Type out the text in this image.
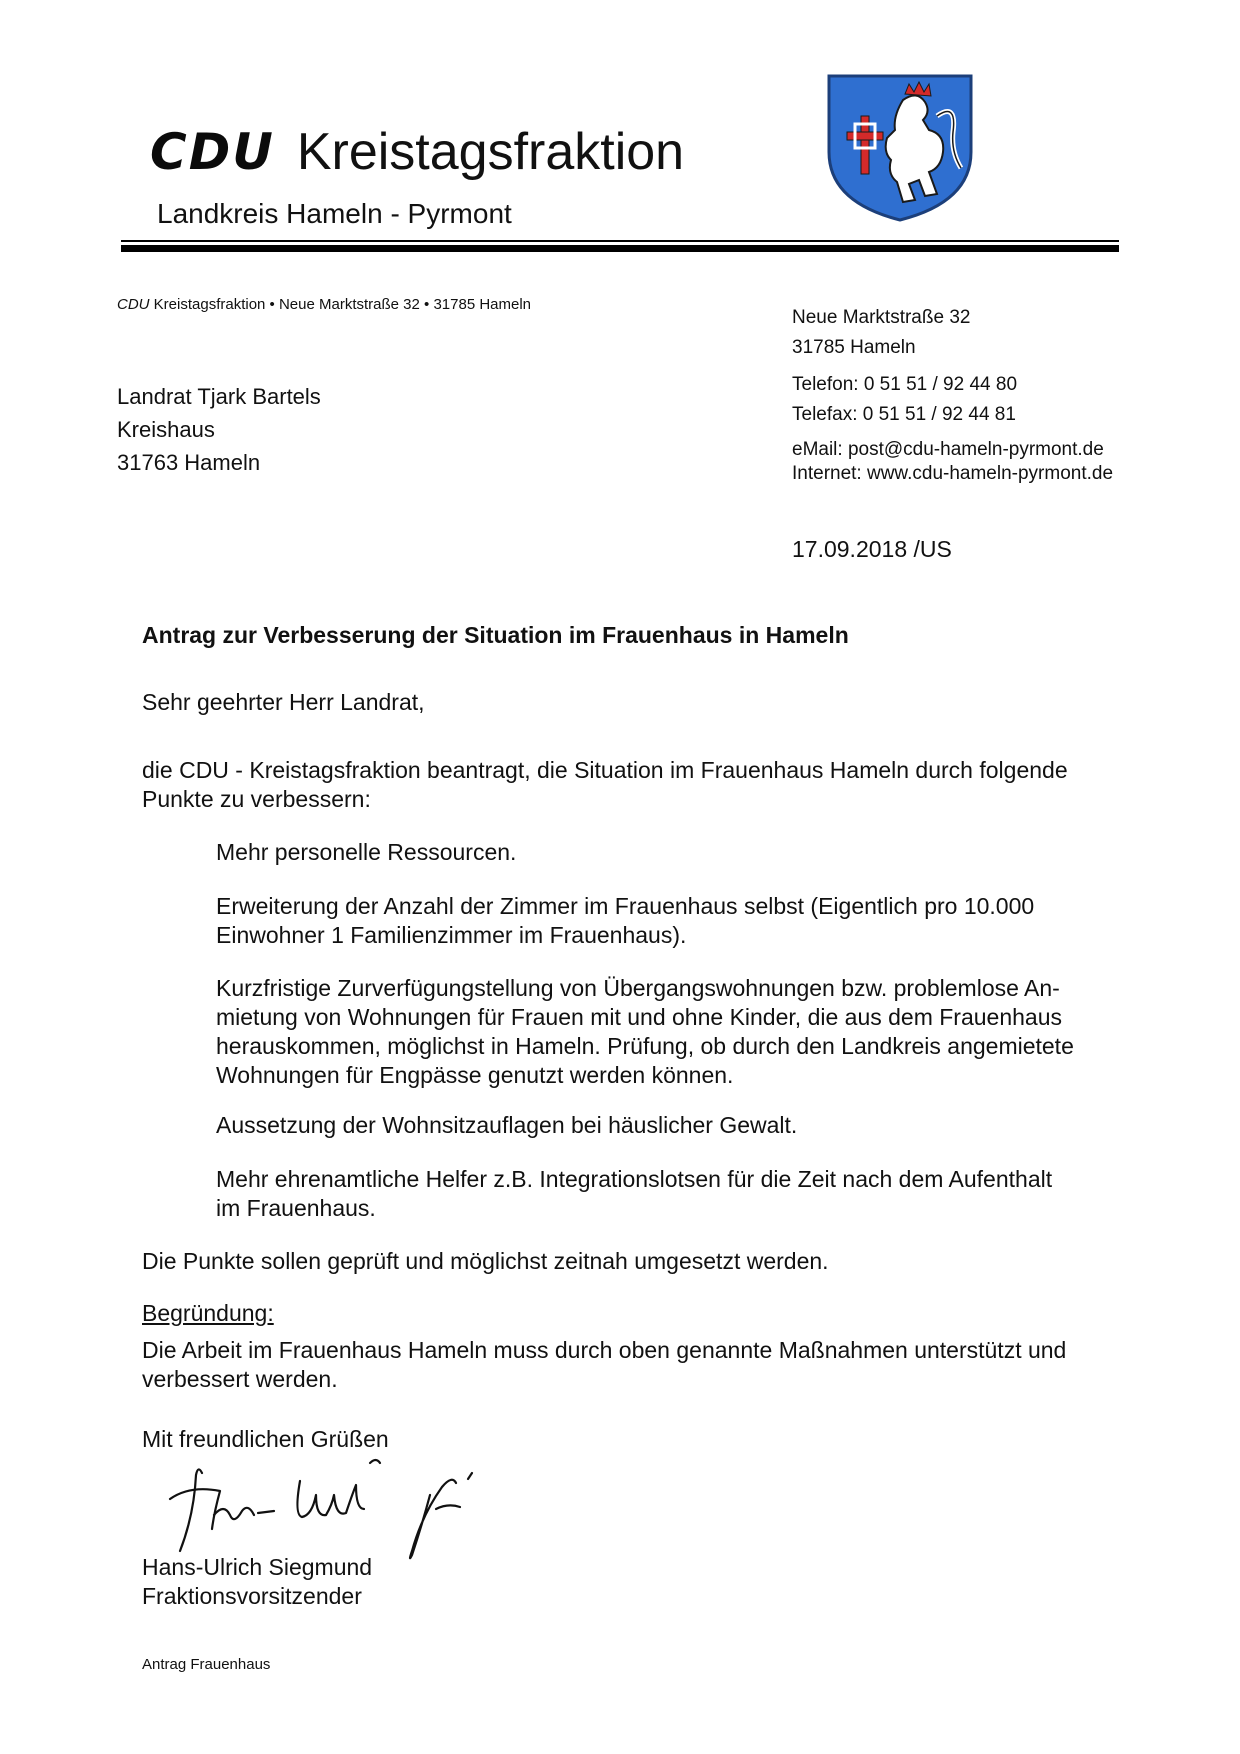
CDU Kreistagsfraktion
Landkreis Hameln - Pyrmont
CDU Kreistagsfraktion • Neue Marktstraße 32 • 31785 Hameln
Landrat Tjark Bartels
Kreishaus
31763 Hameln
Neue Marktstraße 32
31785 Hameln
Telefon: 0 51 51 / 92 44 80
Telefax: 0 51 51 / 92 44 81
eMail: post@cdu-hameln-pyrmont.de
Internet: www.cdu-hameln-pyrmont.de
17.09.2018 /US
Antrag zur Verbesserung der Situation im Frauenhaus in Hameln
Sehr geehrter Herr Landrat,
die CDU - Kreistagsfraktion beantragt, die Situation im Frauenhaus Hameln durch folgende
Punkte zu verbessern:
Mehr personelle Ressourcen.
Erweiterung der Anzahl der Zimmer im Frauenhaus selbst (Eigentlich pro 10.000
Einwohner 1 Familienzimmer im Frauenhaus).
Kurzfristige Zurverfügungstellung von Übergangswohnungen bzw. problemlose An-
mietung von Wohnungen für Frauen mit und ohne Kinder, die aus dem Frauenhaus
herauskommen, möglichst in Hameln. Prüfung, ob durch den Landkreis angemietete
Wohnungen für Engpässe genutzt werden können.
Aussetzung der Wohnsitzauflagen bei häuslicher Gewalt.
Mehr ehrenamtliche Helfer z.B. Integrationslotsen für die Zeit nach dem Aufenthalt
im Frauenhaus.
Die Punkte sollen geprüft und möglichst zeitnah umgesetzt werden.
Begründung:
Die Arbeit im Frauenhaus Hameln muss durch oben genannte Maßnahmen unterstützt und
verbessert werden.
Mit freundlichen Grüßen
Hans-Ulrich Siegmund
Fraktionsvorsitzender
Antrag Frauenhaus
